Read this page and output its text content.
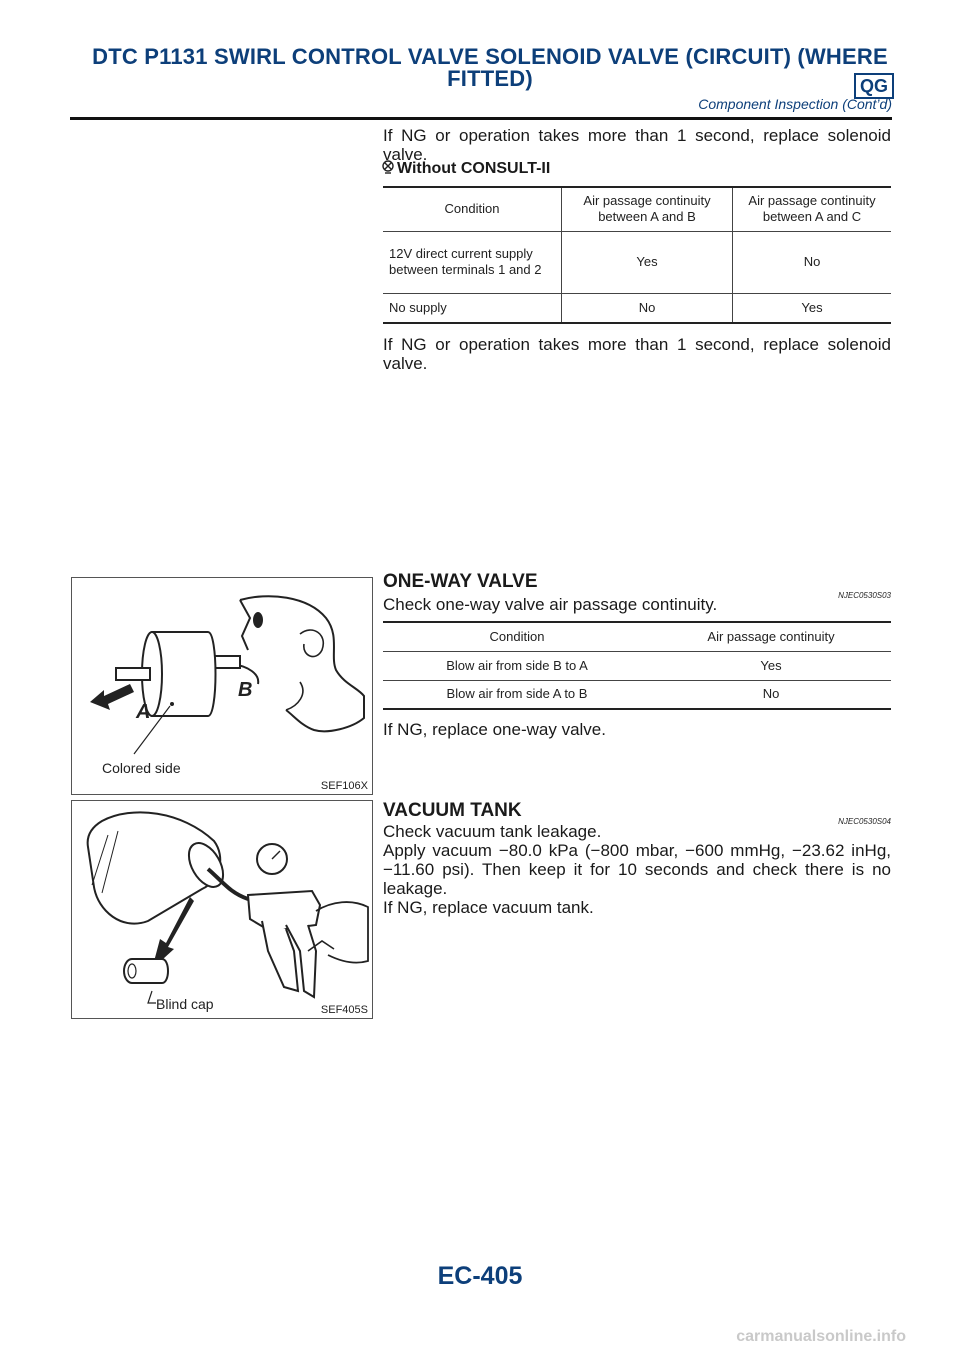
DTC P1131 SWIRL CONTROL VALVE SOLENOID VALVE (CIRCUIT) (WHERE
FITTED)	QG
Component Inspection (Cont’d)
If NG or operation takes more than 1 second, replace solenoid valve.
Without CONSULT-II
Condition	Air passage continuity between A and B	Air passage continuity between A and C
12V direct current supply between terminals 1 and 2	Yes	No
No supply	No	Yes
If NG or operation takes more than 1 second, replace solenoid valve.
A
B
Colored side
SEF106X
ONE-WAY VALVE
NJEC0530S03
Check one-way valve air passage continuity.
Condition	Air passage continuity
Blow air from side B to A	Yes
Blow air from side A to B	No
If NG, replace one-way valve.
Blind cap	SEF405S
VACUUM TANK
NJEC0530S04
Check vacuum tank leakage.
Apply vacuum −80.0 kPa (−800 mbar, −600 mmHg, −23.62 inHg, −11.60 psi). Then keep it for 10 seconds and check there is no leakage.
If NG, replace vacuum tank.
EC-405
carmanualsonline.info
